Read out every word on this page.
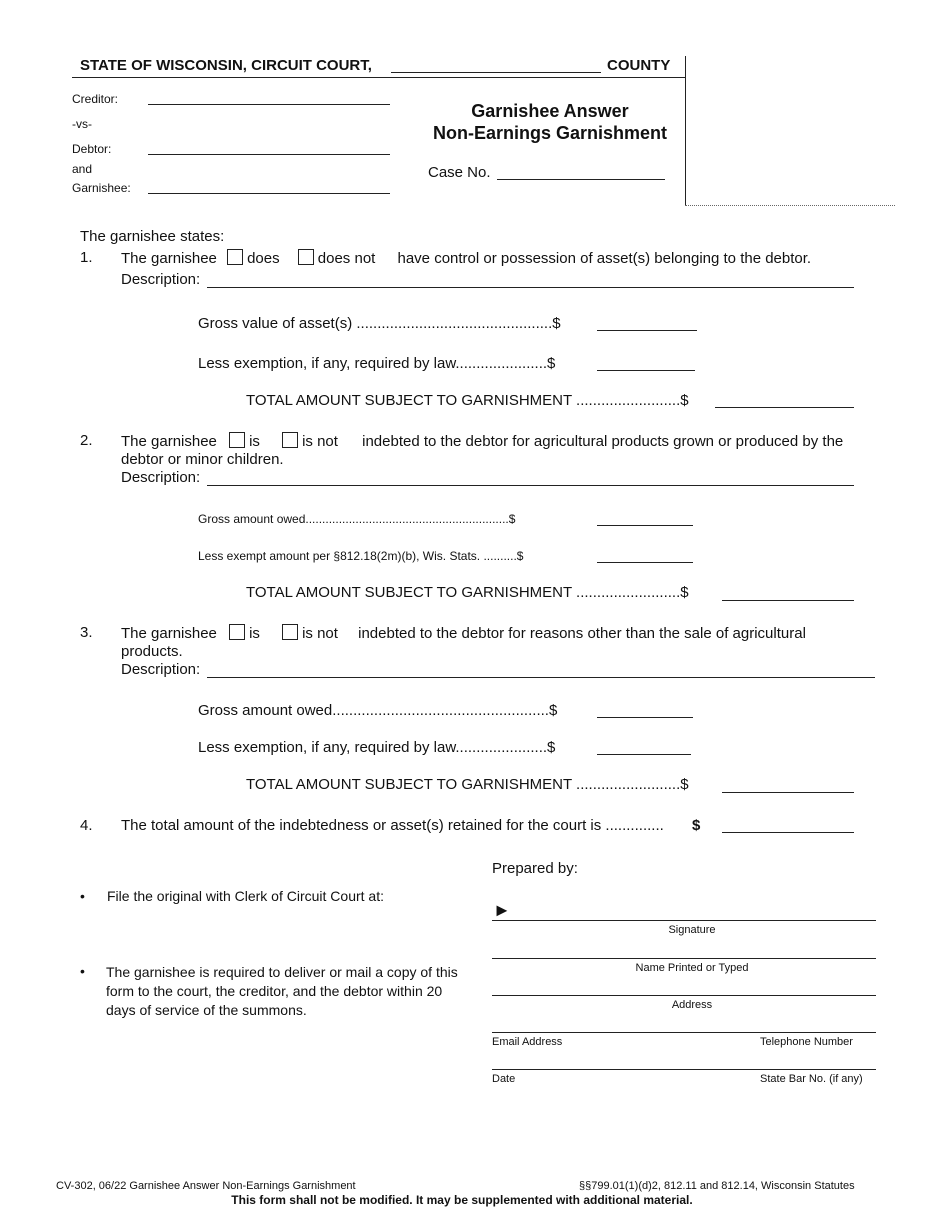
STATE OF WISCONSIN, CIRCUIT COURT,	COUNTY
Creditor:
-vs-
Debtor:
and
Garnishee:
Garnishee Answer
Non-Earnings Garnishment
Case No.
The garnishee states:
1. The garnishee does	does not have control or possession of asset(s) belonging to the debtor.
Description:
Gross value of asset(s) ...............................................$
Less exemption, if any, required by law......................$
TOTAL AMOUNT SUBJECT TO GARNISHMENT .........................$
2. The garnishee is	is not indebted to the debtor for agricultural products grown or produced by the
debtor or minor children.
Description:
Gross amount owed.............................................................$
Less exempt amount per §812.18(2m)(b), Wis. Stats. ..........$
TOTAL AMOUNT SUBJECT TO GARNISHMENT .........................$
3. The garnishee is	is not indebted to the debtor for reasons other than the sale of agricultural
products.
Description:
Gross amount owed....................................................$
Less exemption, if any, required by law......................$
TOTAL AMOUNT SUBJECT TO GARNISHMENT .........................$
4. The total amount of the indebtedness or asset(s) retained for the court is .............. $
• File the original with Clerk of Circuit Court at:
• The garnishee is required to deliver or mail a copy of this form to the court, the creditor, and the debtor within 20 days of service of the summons.
Prepared by:
►
Signature
Name Printed or Typed
Address
Email Address	Telephone Number
Date	State Bar No. (if any)
CV-302, 06/22 Garnishee Answer Non-Earnings Garnishment	§§799.01(1)(d)2, 812.11 and 812.14, Wisconsin Statutes
This form shall not be modified. It may be supplemented with additional material.
